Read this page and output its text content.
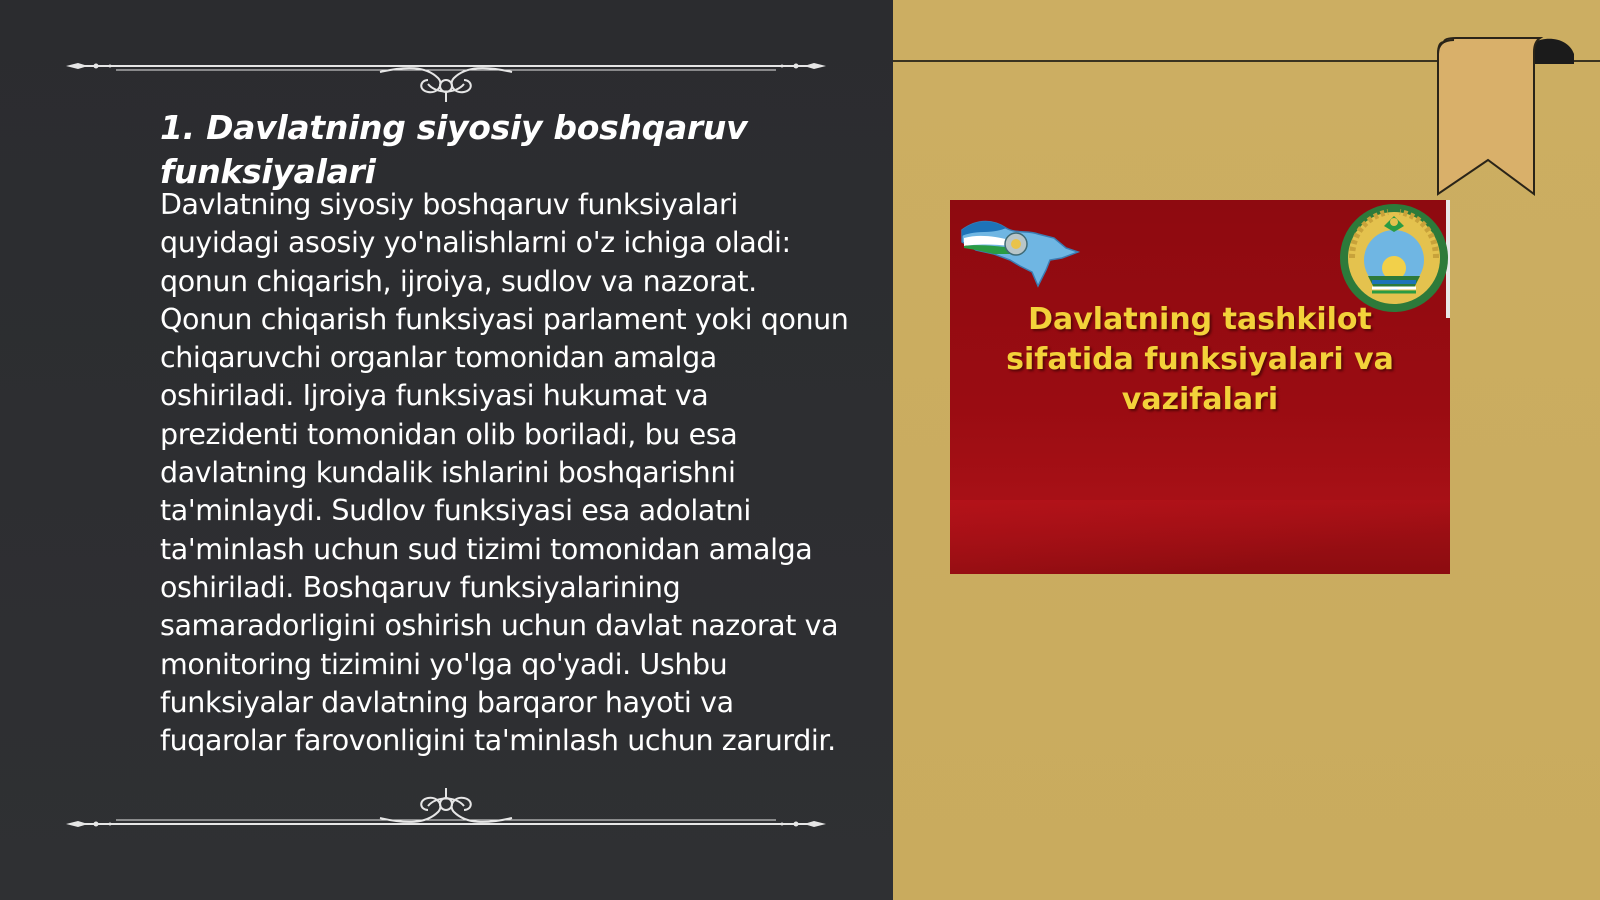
1. Davlatning siyosiy boshqaruv funksiyalari

Davlatning siyosiy boshqaruv funksiyalari quyidagi asosiy yo'nalishlarni o'z ichiga oladi: qonun chiqarish, ijroiya, sudlov va nazorat. Qonun chiqarish funksiyasi parlament yoki qonun chiqaruvchi organlar tomonidan amalga oshiriladi. Ijroiya funksiyasi hukumat va prezidenti tomonidan olib boriladi, bu esa davlatning kundalik ishlarini boshqarishni ta'minlaydi. Sudlov funksiyasi esa adolatni ta'minlash uchun sud tizimi tomonidan amalga oshiriladi. Boshqaruv funksiyalarining samaradorligini oshirish uchun davlat nazorat va monitoring tizimini yo'lga qo'yadi. Ushbu funksiyalar davlatning barqaror hayoti va fuqarolar farovonligini ta'minlash uchun zarurdir.

Davlatning tashkilot sifatida funksiyalari va vazifalari
